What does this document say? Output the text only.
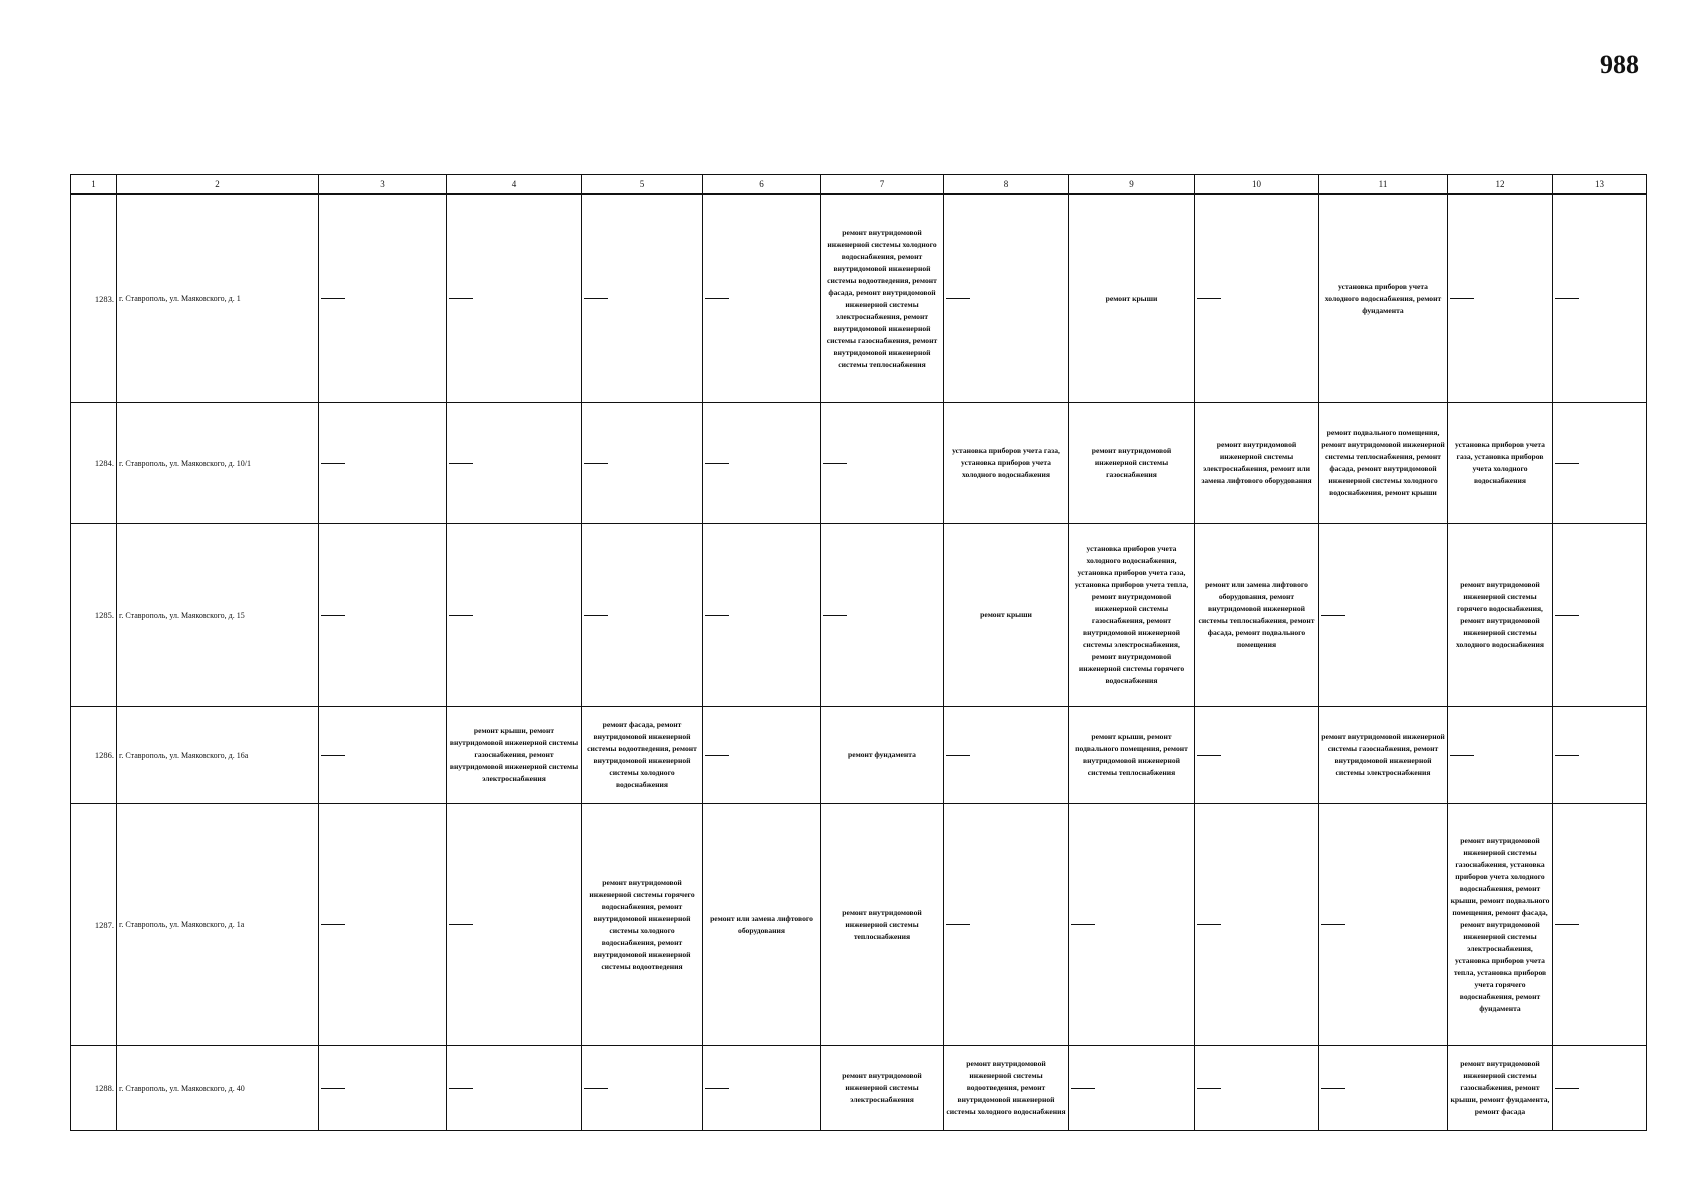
988
1	2	3	4	5	6	7	8	9	10	11	12	13
1283.	г. Ставрополь, ул. Маяковского, д. 1					ремонт внутридомовой инженерной системы холодного водоснабжения, ремонт внутридомовой инженерной системы водоотведения, ремонт фасада, ремонт внутридомовой инженерной системы электроснабжения, ремонт внутридомовой инженерной системы газоснабжения, ремонт внутридомовой инженерной системы теплоснабжения		ремонт крыши		установка приборов учета холодного водоснабжения, ремонт фундамента	

1284.	г. Ставрополь, ул. Маяковского, д. 10/1						установка приборов учета газа, установка приборов учета холодного водоснабжения	ремонт внутридомовой инженерной системы газоснабжения	ремонт внутридомовой инженерной системы электроснабжения, ремонт или замена лифтового оборудования	ремонт подвального помещения, ремонт внутридомовой инженерной системы теплоснабжения, ремонт фасада, ремонт внутридомовой инженерной системы холодного водоснабжения, ремонт крыши	установка приборов учета газа, установка приборов учета холодного водоснабжения	

1285.	г. Ставрополь, ул. Маяковского, д. 15						ремонт крыши	установка приборов учета холодного водоснабжения, установка приборов учета газа, установка приборов учета тепла, ремонт внутридомовой инженерной системы газоснабжения, ремонт внутридомовой инженерной системы электроснабжения, ремонт внутридомовой инженерной системы горячего водоснабжения	ремонт или замена лифтового оборудования, ремонт внутридомовой инженерной системы теплоснабжения, ремонт фасада, ремонт подвального помещения		ремонт внутридомовой инженерной системы горячего водоснабжения, ремонт внутридомовой инженерной системы холодного водоснабжения	

1286.	г. Ставрополь, ул. Маяковского, д. 16а		ремонт крыши, ремонт внутридомовой инженерной системы газоснабжения, ремонт внутридомовой инженерной системы электроснабжения	ремонт фасада, ремонт внутридомовой инженерной системы водоотведения, ремонт внутридомовой инженерной системы холодного водоснабжения		ремонт фундамента		ремонт крыши, ремонт подвального помещения, ремонт внутридомовой инженерной системы теплоснабжения		ремонт внутридомовой инженерной системы газоснабжения, ремонт внутридомовой инженерной системы электроснабжения	

1287.	г. Ставрополь, ул. Маяковского, д. 1а			ремонт внутридомовой инженерной системы горячего водоснабжения, ремонт внутридомовой инженерной системы холодного водоснабжения, ремонт внутридомовой инженерной системы водоотведения	ремонт или замена лифтового оборудования	ремонт внутридомовой инженерной системы теплоснабжения					ремонт внутридомовой инженерной системы газоснабжения, установка приборов учета холодного водоснабжения, ремонт крыши, ремонт подвального помещения, ремонт фасада, ремонт внутридомовой инженерной системы электроснабжения, установка приборов учета тепла, установка приборов учета горячего водоснабжения, ремонт фундамента	

1288.	г. Ставрополь, ул. Маяковского, д. 40					ремонт внутридомовой инженерной системы электроснабжения	ремонт внутридомовой инженерной системы водоотведения, ремонт внутридомовой инженерной системы холодного водоснабжения				ремонт внутридомовой инженерной системы газоснабжения, ремонт крыши, ремонт фундамента, ремонт фасада	
